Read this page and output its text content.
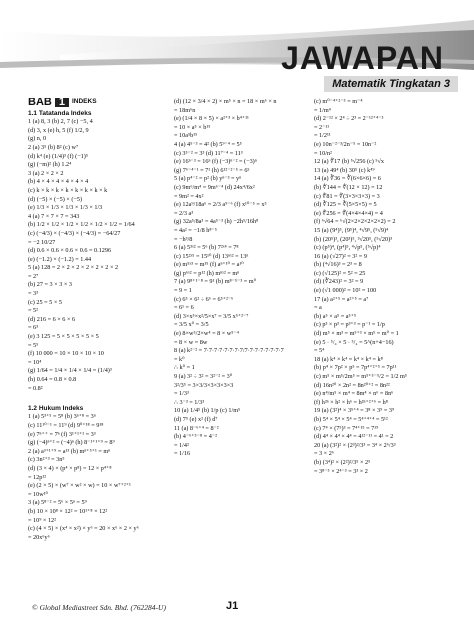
JAWAPAN
Matematik Tingkatan 3
BAB 1 $^{INDEKS}$
1.1 Tatatanda Indeks
1 (a) 8, 3 (b) 2, 7 (c) −5, 4
(d) 3, x (e) h, 5 (f) 1/2, 9
(g) n, 0
2 (a) 3⁵ (b) 8² (c) w⁷
(d) k⁴ (e) (1/4)³ (f) (−1)⁵
(g) (−m)² (h) 1.2⁴
3 (a) 2 × 2 × 2
(b) 4 × 4 × 4 × 4 × 4 × 4
(c) k × k × k × k × k × k × k × k
(d) (−5) × (−5) × (−5)
(e) 1/3 × 1/3 × 1/3 × 1/3 × 1/3
4 (a) 7 × 7 × 7 = 343
(b) 1/2 × 1/2 × 1/2 × 1/2 × 1/2 × 1/2 = 1/64
(c) (−4/3) × (−4/3) × (−4/3) = −64/27
= −2 10/27
(d) 0.6 × 0.6 × 0.6 × 0.6 = 0.1296
(e) (−1.2) × (−1.2) = 1.44
5 (a) 128 = 2 × 2 × 2 × 2 × 2 × 2 × 2
= 2⁷
(b) 27 = 3 × 3 × 3
= 3³
(c) 25 = 5 × 5
= 5²
(d) 216 = 6 × 6 × 6
= 6³
(e) 3 125 = 5 × 5 × 5 × 5 × 5
= 5⁵
(f) 10 000 = 10 × 10 × 10 × 10
= 10⁴
(g) 1/64 = 1/4 × 1/4 × 1/4 = (1/4)³
(h) 0.64 = 0.8 × 0.8
= 0.8²

1.2 Hukum Indeks
1 (a) 5³⁺⁵ = 5⁸ (b) 3ⁿ⁺⁸ = 3ⁿ
(c) 11¹⁰⁻¹ = 11⁹ (d) 9⁰⁺¹⁸ = 9¹⁸
(e) 7ⁿ⁺⁺ = 7ⁿ (f) 3¹⁺¹⁺¹ = 3³
(g) (−4)ⁿ⁺² = (−4)ⁿ (h) 8⁻¹⁺¹⁺⁹ = 8⁹
2 (a) a³⁺¹⁺⁹ = a¹³ (b) mⁿ⁺⁵⁺¹ = mⁿ
(c) 3n²⁺³ = 3n⁵
(d) (3 × 4) × (p⁴ × p⁸) = 12 × p⁴⁺⁸
= 12p¹²
(e) (2 × 5) × (w⁷ × w² × w) = 10 × w⁷⁺²⁺¹
= 10w¹⁰
3 (a) 5⁸⁻² = 5⁶ × 5ⁿ = 5⁹
(b) 10 × 10⁸ × 12² = 10¹⁺⁸ × 12²
= 10⁹ × 12²
(c) (4 × 5) × (x⁴ × x²) × y⁶ = 20 × x⁶ × 2 × y⁶
= 20x⁶y⁶
(d) (12 × 3/4 × 2) × m⁵ × n = 18 × m⁶ × n
= 18m⁶n
(e) (1/4 × 8 × 5) × a²⁺³ × b⁴⁺¹¹
= 10 × a⁵ × b¹⁵
= 10a⁵b¹⁵
4 (a) 4⁵⁻³ = 4² (b) 5⁹⁻⁴ = 5⁵
(c) 3⁵⁻² = 3³ (d) 11⁷⁻⁴ = 11³
(e) 16ⁿ⁻³ = 16ⁿ (f) (−3)ⁿ⁻² = (−3)ⁿ
(g) 7⁶⁻⁴⁻¹ = 7¹ (h) 6¹²⁻²⁻⁵ = 6⁵
5 (a) p⁴⁻² = p² (b) yⁿ⁻³ = yⁿ
(c) 9m⁶/m⁴ = 9m⁶⁻⁴ (d) 24x⁴/6x²
= 9m² = 4x²
(e) 12a⁹/18a⁶ = 2/3 a⁹⁻⁶ (f) x¹⁰⁻⁵ = x⁵
= 2/3 a³
(g) 32a⁵/8a³ = 4a⁵⁻³ (h) −2h⁵/16h⁸
= 4a² = −1/8 h⁸⁻⁵
= −h³/8
6 (a) 5³ˣ² = 5⁶ (b) 7²ˣ⁴ = 7⁸
(c) 15²ˣ⁵ = 15¹⁰ (d) 13ⁿˣ² = 13ⁿ
(e) m⁵ˣ³ = m¹⁵ (f) aⁿ⁺¹⁰ = a¹⁰
(g) p⁶ˣ² = p¹² (h) mⁿˣ² = mⁿ
7 (a) 9⁸⁺¹⁻⁸ = 9¹ (b) m⁸⁻⁵⁻³ = m⁰
= 9 = 1
(c) 6⁵ × 6² ÷ 6⁶ = 6⁵⁺²⁻⁶
= 6¹ = 6
(d) 3×x⁵×x²/5×x⁷ = 3/5 x⁵⁺²⁻⁷
= 3/5 x⁰ = 3/5
(e) 8×w⁵/2×w⁴ = 8 × w⁵⁻⁴
= 8 × w = 8w
8 (a) k²⁻² = 7·7·7·7·7·7·7·7/7·7·7·7·7·7·7·7
= k⁰
∴ k⁰ = 1
9 (a) 3² ÷ 3² = 3²⁻² = 3⁰
3²/3⁵ = 3×3/3×3×3×3×3
= 1/3³
∴ 3⁻³ = 1/3³
10 (a) 1/4⁵ (b) 1/p (c) 1/m⁵
(d) 7⁵ (e) x² (f) d⁷
11 (a) 8⁻⁶⁺⁴ = 8⁻²
(b) 4⁻⁶⁺⁵⁻⁸ = 4⁻²
= 1/4²
= 1/16
(c) m⁰⁻⁴⁺²⁻⁵ = m⁻⁴
= 1/m⁴
(d) 2⁻¹² × 2⁴ ÷ 2³ = 2⁻¹²⁺⁴⁻³
= 2⁻¹¹
= 1/2¹¹
(e) 10n⁻²⁻³/2n⁻⁵ = 10n⁻²
= 10/n²
12 (a) ∜17 (b) ⁵√256 (c) ⁵√x
13 (a) 49⁴ (b) 30⁵ (c) k⁴⁹
14 (a) ∛36 = ∛(6×6×6) = 6
(b) ∜144 = ∜(12 × 12) = 12
(c) ∜81 = ∜(3×3×3×3) = 3
(d) ∛125 = ∛(5×5×5) = 5
(e) ∜256 = ∜(4×4×4×4) = 4
(f) ⁶√64 = ⁶√(2×2×2×2×2×2) = 2
15 (a) (9⁴)⁵, (9⁵)⁴, ⁴√9⁵, (⁵√9)⁴
(b) (20⁵)³, (20³)⁵, ³√20⁵, (⁵√20)³
(c) (p⁵)⁴, (p⁴)⁵, ⁴√p⁵, (⁵√p)⁴
16 (a) (√27)² = 3² = 9
(b) (⁴√16)³ = 2³ = 8
(c) (√125)² = 5² = 25
(d) (∛243)² = 3² = 9
(e) (√1 000)² = 10² = 100
17 (a) a²⁺⁵ = a²⁺⁵ = a⁷
= a
(b) a⁵ × a⁵ = a⁵⁺⁵
(c) p³ × p³ = p³⁺³ = p⁻¹ = 1/p
(d) m⁵ × m³ = m⁵⁺³ × m⁵ = m⁰ = 1
(e) 5 · ⁵/₄ × 5 · ⁵/₄ = 5^(n+4−16)
= 5⁴
18 (a) k⁴ × k⁴ = k⁴ × k⁴ = k⁸
(b) p⁴ × 7p² × p⁵ = 7p⁴⁺²⁺⁵ = 7p¹¹
(c) m⁵ × m⁵/2m⁵ = m⁵⁺⁵⁻⁵/2 = 1/2 m⁵
(d) 16n²⁰ × 2n² = 8n²⁰⁺² = 8n²²
(e) n⁴/m⁵ × m⁴ = 8m⁴ × n⁶ = 8n⁶
(f) h²ⁿ × h² × h⁶ = h²ⁿ⁺²⁺⁶ = h⁸
19 (a) (3²)⁴ × 3⁵⁺⁴ = 3⁸ × 3⁹ = 3⁹
(b) 5⁴ × 5⁴ × 5⁴ = 5⁴⁺⁴⁺⁴ = 5¹²
(c) 7⁴ × (7⁵)³ = 7⁴⁺¹⁵ = 7¹⁹
(d) 4⁴ × 4⁴ × 4⁴ = 4¹²⁻¹¹ = 4¹ = 2
20 (a) (3²)² × (2³)²/3³ = 3⁴ × 2⁶/3³
= 3 × 2⁶
(b) (3⁴)² × (2²)²/3⁵ × 2⁵
= 3⁸⁻⁵ × 2⁴⁻³ = 3³ × 2
© Global Mediastreet Sdn. Bhd. (762284-U)	J1
